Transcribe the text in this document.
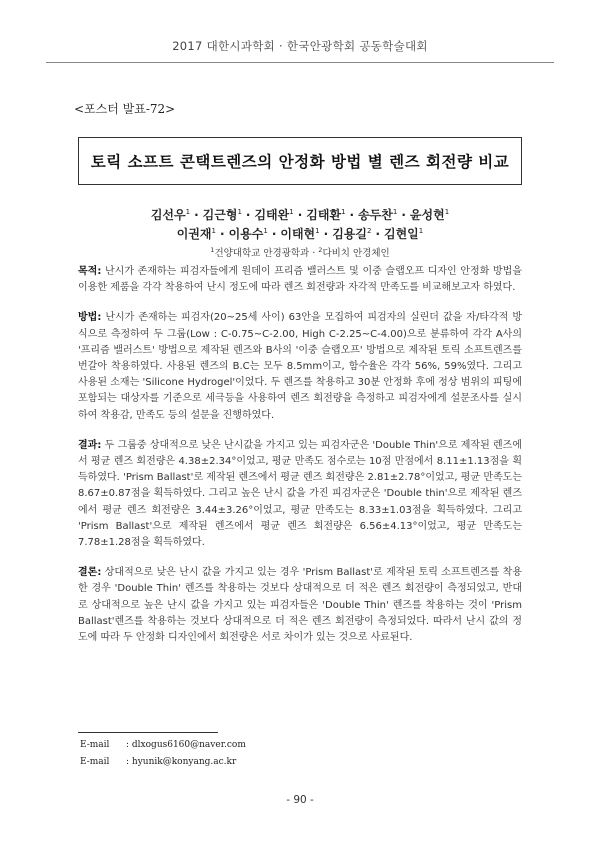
2017 대한시과학회 · 한국안광학회 공동학술대회
<포스터 발표-72>
토릭 소프트 콘택트렌즈의 안정화 방법 별 렌즈 회전량 비교
김선우$^1$ · 김근형$^1$ · 김태완$^1$ · 김태환$^1$ · 송두찬$^1$ · 윤성현$^1$
이권재$^1$ · 이용수$^1$ · 이태현$^1$ · 김용길$^2$ · 김현일$^1$
$^1$건양대학교 안경광학과 · $^2$다비치 안경체인

목적: 난시가 존재하는 피검자들에게 원데이 프리즘 밸러스트 및 이중 슬랩오프 디자인 안정화 방법을 이용한 제품을 각각 착용하여 난시 정도에 따라 렌즈 회전량과 자각적 만족도를 비교해보고자 하였다.

방법: 난시가 존재하는 피검자(20~25세 사이) 63안을 모집하여 피검자의 실린더 값을 자/타각적 방식으로 측정하여 두 그룹(Low : C-0.75~C-2.00, High C-2.25~C-4.00)으로 분류하여 각각 A사의 '프리즘 밸러스트' 방법으로 제작된 렌즈와 B사의 '이중 슬랩오프' 방법으로 제작된 토릭 소프트렌즈를 번갈아 착용하였다. 사용된 렌즈의 B.C는 모두 8.5mm이고, 함수율은 각각 56%, 59%였다. 그리고 사용된 소재는 'Silicone Hydrogel'이었다. 두 렌즈를 착용하고 30분 안정화 후에 정상 범위의 피팅에 포함되는 대상자를 기준으로 세극등을 사용하여 렌즈 회전량을 측정하고 피검자에게 설문조사를 실시하여 착용감, 만족도 등의 설문을 진행하였다.

결과: 두 그룹중 상대적으로 낮은 난시값을 가지고 있는 피검자군은 'Double Thin'으로 제작된 렌즈에서 평균 렌즈 회전량은 4.38±2.34°이었고, 평균 만족도 점수로는 10점 만점에서 8.11±1.13점을 획득하였다. 'Prism Ballast'로 제작된 렌즈에서 평균 렌즈 회전량은 2.81±2.78°이었고, 평균 만족도는 8.67±0.87점을 획득하였다. 그리고 높은 난시 값을 가진 피검자군은 'Double thin'으로 제작된 렌즈에서 평균 렌즈 회전량은 3.44±3.26°이었고, 평균 만족도는 8.33±1.03점을 획득하였다. 그리고 'Prism Ballast'으로 제작된 렌즈에서 평균 렌즈 회전량은 6.56±4.13°이었고, 평균 만족도는 7.78±1.28점을 획득하였다.

결론: 상대적으로 낮은 난시 값을 가지고 있는 경우 'Prism Ballast'로 제작된 토릭 소프트렌즈를 착용한 경우 'Double Thin' 렌즈를 착용하는 것보다 상대적으로 더 적은 렌즈 회전량이 측정되었고, 반대로 상대적으로 높은 난시 값을 가지고 있는 피검자들은 'Double Thin' 렌즈를 착용하는 것이 'Prism Ballast'렌즈를 착용하는 것보다 상대적으로 더 적은 렌즈 회전량이 측정되었다. 따라서 난시 값의 정도에 따라 두 안정화 디자인에서 회전량은 서로 차이가 있는 것으로 사료된다.

E-mail : dlxogus6160@naver.com
E-mail : hyunik@konyang.ac.kr
- 90 -
